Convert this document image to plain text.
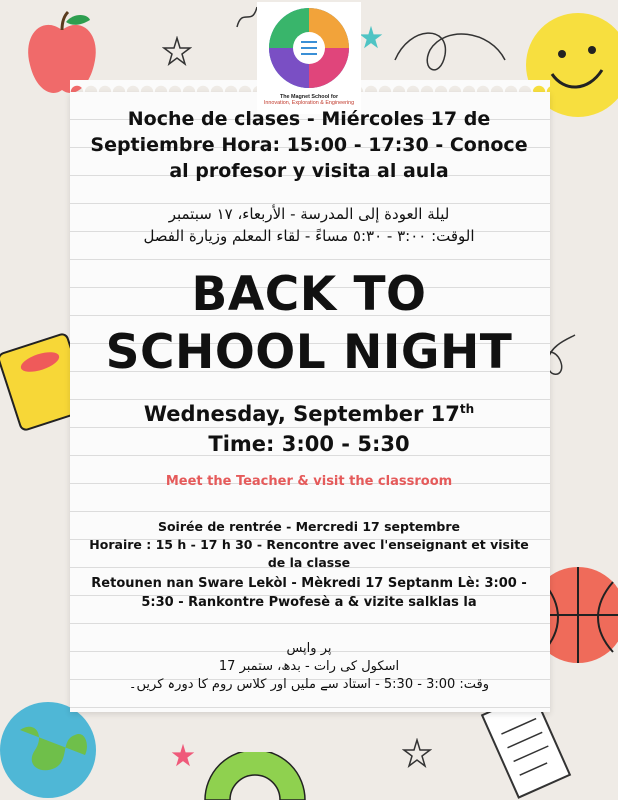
The Magnet School for
Innovation, Exploration & Engineering
Noche de clases - Miércoles 17 de Septiembre Hora: 15:00 - 17:30 - Conoce al profesor y visita al aula
ليلة العودة إلى المدرسة - الأربعاء، ١٧ سبتمبر
الوقت: ٣:٠٠ - ٥:٣٠ مساءً - لقاء المعلم وزيارة الفصل
BACK TO
SCHOOL NIGHT
Wednesday, September 17th
Time: 3:00 - 5:30
Meet the Teacher & visit the classroom
Soirée de rentrée - Mercredi 17 septembre
Horaire : 15 h - 17 h 30 - Rencontre avec l'enseignant et visite de la classe
Retounen nan Sware Lekòl - Mèkredi 17 Septanm Lè: 3:00 - 5:30 - Rankontre Pwofesè a & vizite salklas la
پر واپس
اسکول کی رات - بدھ، ستمبر 17
وقت: 3:00 - 5:30 - استاد سے ملیں اور کلاس روم کا دورہ کریں۔
